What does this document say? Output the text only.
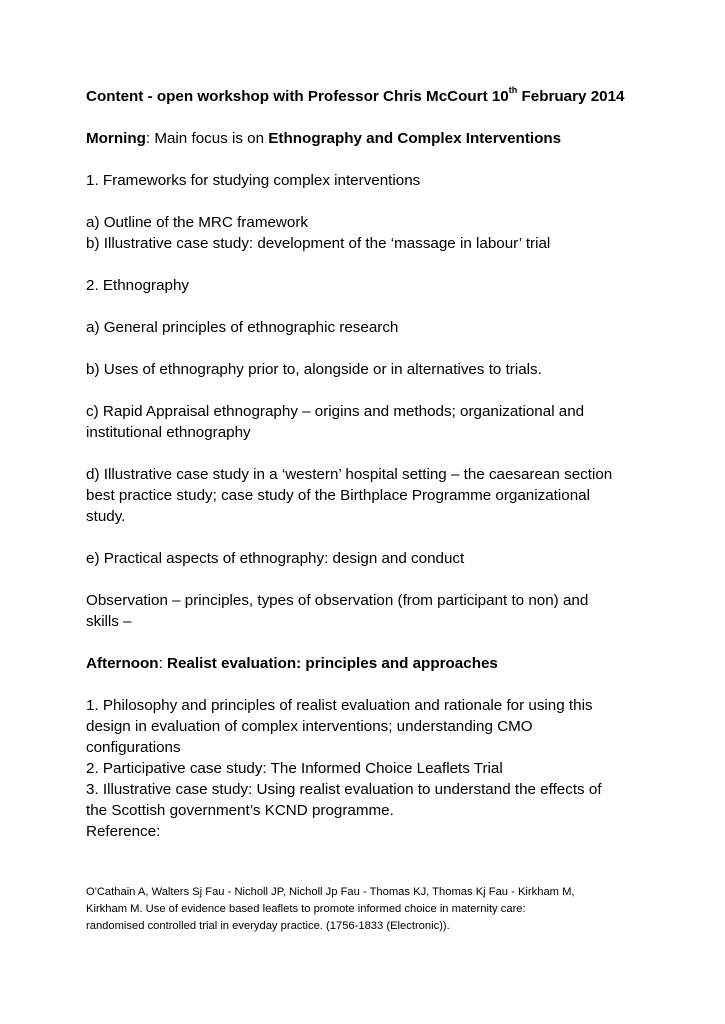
Content - open workshop with Professor Chris McCourt 10th February 2014

Morning: Main focus is on Ethnography and Complex Interventions

1. Frameworks for studying complex interventions

a) Outline of the MRC framework

b) Illustrative case study: development of the ‘massage in labour’ trial

2. Ethnography

a) General principles of ethnographic research

b) Uses of ethnography prior to, alongside or in alternatives to trials.

c) Rapid Appraisal ethnography – origins and methods; organizational and

institutional ethnography

d) Illustrative case study in a ‘western’ hospital setting – the caesarean section

best practice study; case study of the Birthplace Programme organizational

study.

e) Practical aspects of ethnography: design and conduct

Observation – principles, types of observation (from participant to non) and

skills –

Afternoon: Realist evaluation: principles and approaches

1. Philosophy and principles of realist evaluation and rationale for using this

design in evaluation of complex interventions; understanding CMO

configurations

2. Participative case study: The Informed Choice Leaflets Trial

3. Illustrative case study: Using realist evaluation to understand the effects of

the Scottish government’s KCND programme.

Reference:

O'Cathain A, Walters Sj Fau - Nicholl JP, Nicholl Jp Fau - Thomas KJ, Thomas Kj Fau - Kirkham M,

Kirkham M. Use of evidence based leaflets to promote informed choice in maternity care:

randomised controlled trial in everyday practice. (1756-1833 (Electronic)).
